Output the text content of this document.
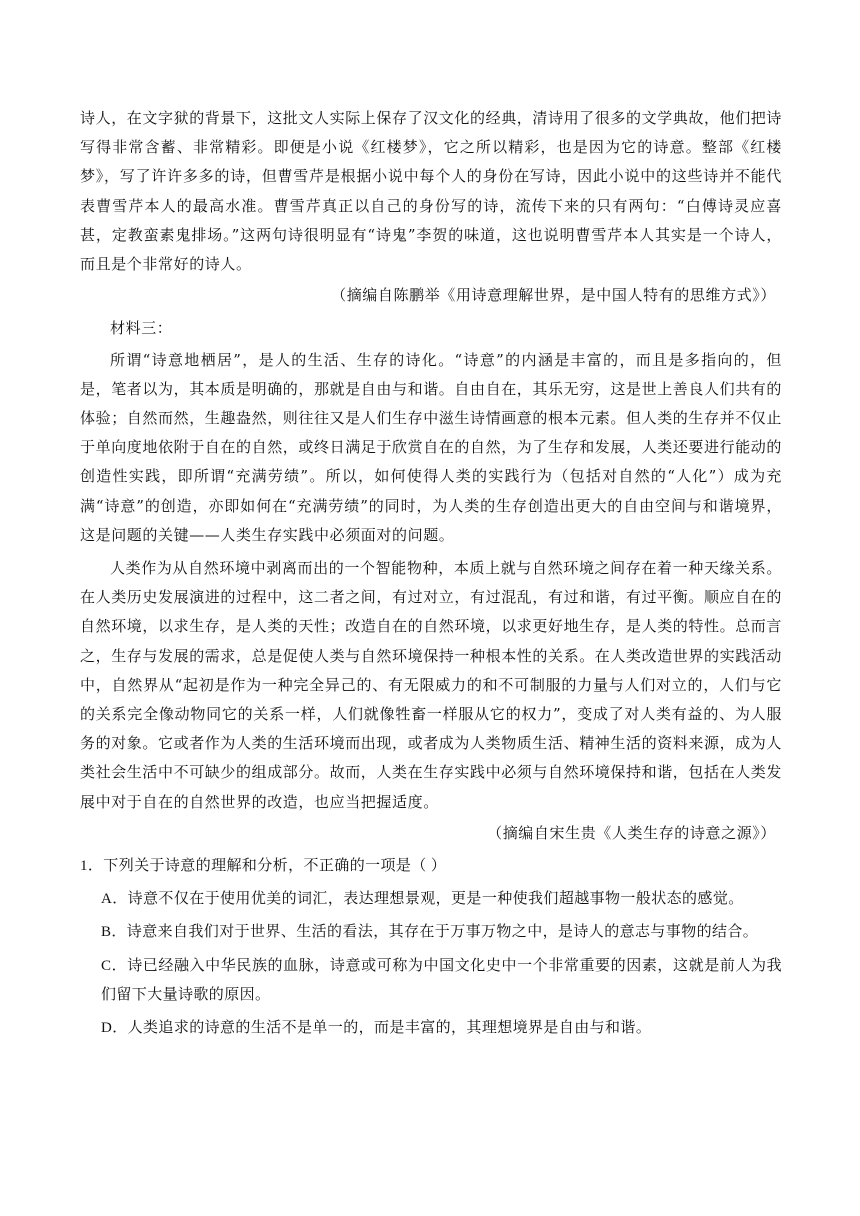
诗人，在文字狱的背景下，这批文人实际上保存了汉文化的经典，清诗用了很多的文学典故，他们把诗写得非常含蓄、非常精彩。即便是小说《红楼梦》，它之所以精彩，也是因为它的诗意。整部《红楼梦》，写了许许多多的诗，但曹雪芹是根据小说中每个人的身份在写诗，因此小说中的这些诗并不能代表曹雪芹本人的最高水准。曹雪芹真正以自己的身份写的诗，流传下来的只有两句：“白傅诗灵应喜甚，定教蛮素鬼排场。”这两句诗很明显有“诗鬼”李贺的味道，这也说明曹雪芹本人其实是一个诗人，而且是个非常好的诗人。

（摘编自陈鹏举《用诗意理解世界，是中国人特有的思维方式》）

材料三：

所谓“诗意地栖居”，是人的生活、生存的诗化。“诗意”的内涵是丰富的，而且是多指向的，但是，笔者以为，其本质是明确的，那就是自由与和谐。自由自在，其乐无穷，这是世上善良人们共有的体验；自然而然，生趣盎然，则往往又是人们生存中滋生诗情画意的根本元素。但人类的生存并不仅止于单向度地依附于自在的自然，或终日满足于欣赏自在的自然，为了生存和发展，人类还要进行能动的创造性实践，即所谓“充满劳绩”。所以，如何使得人类的实践行为（包括对自然的“人化”）成为充满“诗意”的创造，亦即如何在“充满劳绩”的同时，为人类的生存创造出更大的自由空间与和谐境界，这是问题的关键——人类生存实践中必须面对的问题。

人类作为从自然环境中剥离而出的一个智能物种，本质上就与自然环境之间存在着一种天缘关系。在人类历史发展演进的过程中，这二者之间，有过对立，有过混乱，有过和谐，有过平衡。顺应自在的自然环境，以求生存，是人类的天性；改造自在的自然环境，以求更好地生存，是人类的特性。总而言之，生存与发展的需求，总是促使人类与自然环境保持一种根本性的关系。在人类改造世界的实践活动中，自然界从“起初是作为一种完全异己的、有无限威力的和不可制服的力量与人们对立的，人们与它的关系完全像动物同它的关系一样，人们就像牲畜一样服从它的权力”，变成了对人类有益的、为人服务的对象。它或者作为人类的生活环境而出现，或者成为人类物质生活、精神生活的资料来源，成为人类社会生活中不可缺少的组成部分。故而，人类在生存实践中必须与自然环境保持和谐，包括在人类发展中对于自在的自然世界的改造，也应当把握适度。

（摘编自宋生贵《人类生存的诗意之源》）

1．下列关于诗意的理解和分析，不正确的一项是（ ）

A．诗意不仅在于使用优美的词汇，表达理想景观，更是一种使我们超越事物一般状态的感觉。

B．诗意来自我们对于世界、生活的看法，其存在于万事万物之中，是诗人的意志与事物的结合。

C．诗已经融入中华民族的血脉，诗意或可称为中国文化史中一个非常重要的因素，这就是前人为我们留下大量诗歌的原因。

D．人类追求的诗意的生活不是单一的，而是丰富的，其理想境界是自由与和谐。
